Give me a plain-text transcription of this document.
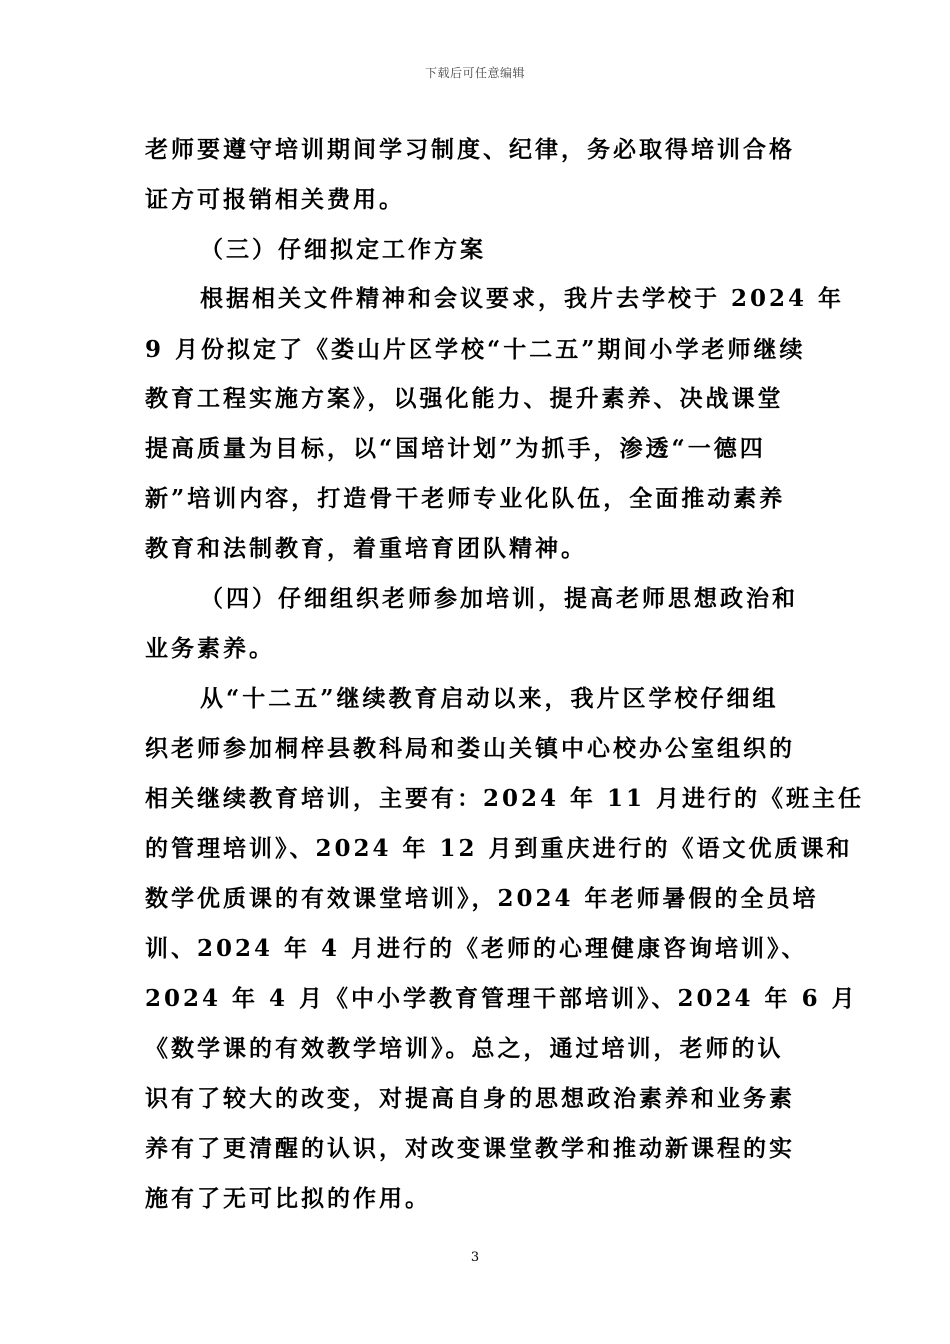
下载后可任意编辑
老师要遵守培训期间学习制度、纪律，务必取得培训合格
证方可报销相关费用。
（三）仔细拟定工作方案
根据相关文件精神和会议要求，我片去学校于 2024 年
9 月份拟定了《娄山片区学校“十二五”期间小学老师继续
教育工程实施方案》，以强化能力、提升素养、决战课堂
提高质量为目标，以“国培计划”为抓手，渗透“一德四
新”培训内容，打造骨干老师专业化队伍，全面推动素养
教育和法制教育，着重培育团队精神。
（四）仔细组织老师参加培训，提高老师思想政治和
业务素养。
从“十二五”继续教育启动以来，我片区学校仔细组
织老师参加桐梓县教科局和娄山关镇中心校办公室组织的
相关继续教育培训，主要有：2024 年 11 月进行的《班主任
的管理培训》、2024 年 12 月到重庆进行的《语文优质课和
数学优质课的有效课堂培训》，2024 年老师暑假的全员培
训、2024 年 4 月进行的《老师的心理健康咨询培训》、
2024 年 4 月《中小学教育管理干部培训》、2024 年 6 月
《数学课的有效教学培训》。总之，通过培训，老师的认
识有了较大的改变，对提高自身的思想政治素养和业务素
养有了更清醒的认识，对改变课堂教学和推动新课程的实
施有了无可比拟的作用。
3
